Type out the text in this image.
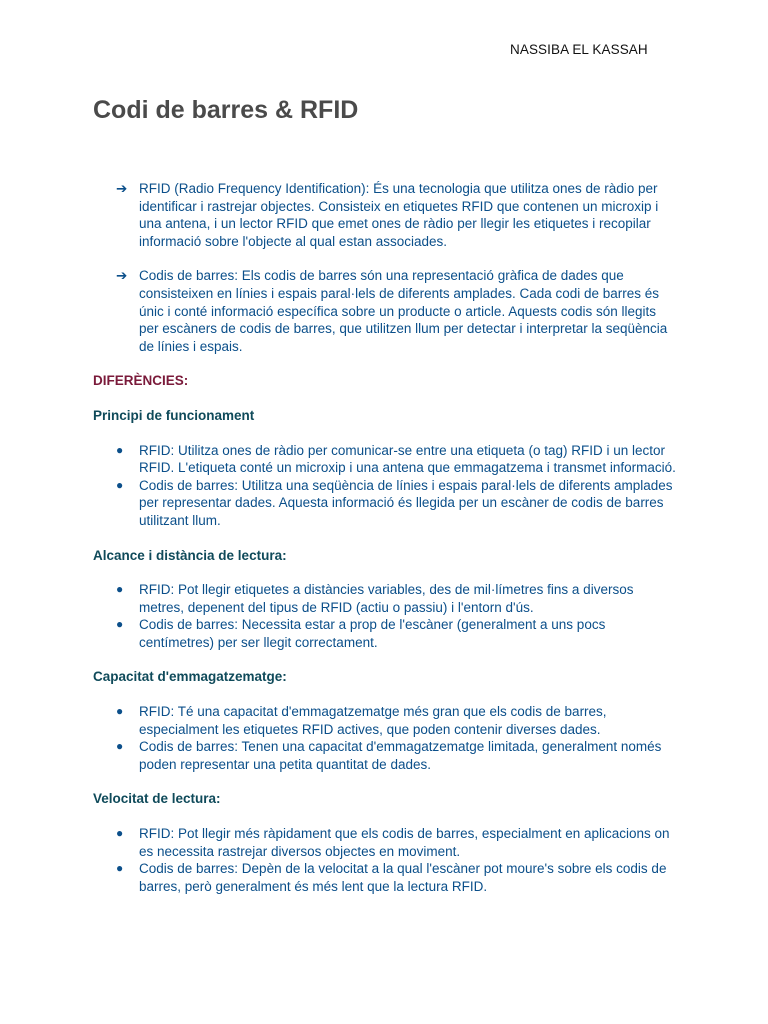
NASSIBA EL KASSAH
Codi de barres & RFID
➔ RFID (Radio Frequency Identification): És una tecnologia que utilitza ones de ràdio per identificar i rastrejar objectes. Consisteix en etiquetes RFID que contenen un microxip i una antena, i un lector RFID que emet ones de ràdio per llegir les etiquetes i recopilar informació sobre l'objecte al qual estan associades.
➔ Codis de barres: Els codis de barres són una representació gràfica de dades que consisteixen en línies i espais paral·lels de diferents amplades. Cada codi de barres és únic i conté informació específica sobre un producte o article. Aquests codis són llegits per escàners de codis de barres, que utilitzen llum per detectar i interpretar la seqüència de línies i espais.
DIFERÈNCIES:
Principi de funcionament
● RFID: Utilitza ones de ràdio per comunicar-se entre una etiqueta (o tag) RFID i un lector RFID. L'etiqueta conté un microxip i una antena que emmagatzema i transmet informació.
● Codis de barres: Utilitza una seqüència de línies i espais paral·lels de diferents amplades per representar dades. Aquesta informació és llegida per un escàner de codis de barres utilitzant llum.
Alcance i distància de lectura:
● RFID: Pot llegir etiquetes a distàncies variables, des de mil·límetres fins a diversos metres, depenent del tipus de RFID (actiu o passiu) i l'entorn d'ús.
● Codis de barres: Necessita estar a prop de l'escàner (generalment a uns pocs centímetres) per ser llegit correctament.
Capacitat d'emmagatzematge:
● RFID: Té una capacitat d'emmagatzematge més gran que els codis de barres, especialment les etiquetes RFID actives, que poden contenir diverses dades.
● Codis de barres: Tenen una capacitat d'emmagatzematge limitada, generalment només poden representar una petita quantitat de dades.
Velocitat de lectura:
● RFID: Pot llegir més ràpidament que els codis de barres, especialment en aplicacions on es necessita rastrejar diversos objectes en moviment.
● Codis de barres: Depèn de la velocitat a la qual l'escàner pot moure's sobre els codis de barres, però generalment és més lent que la lectura RFID.
